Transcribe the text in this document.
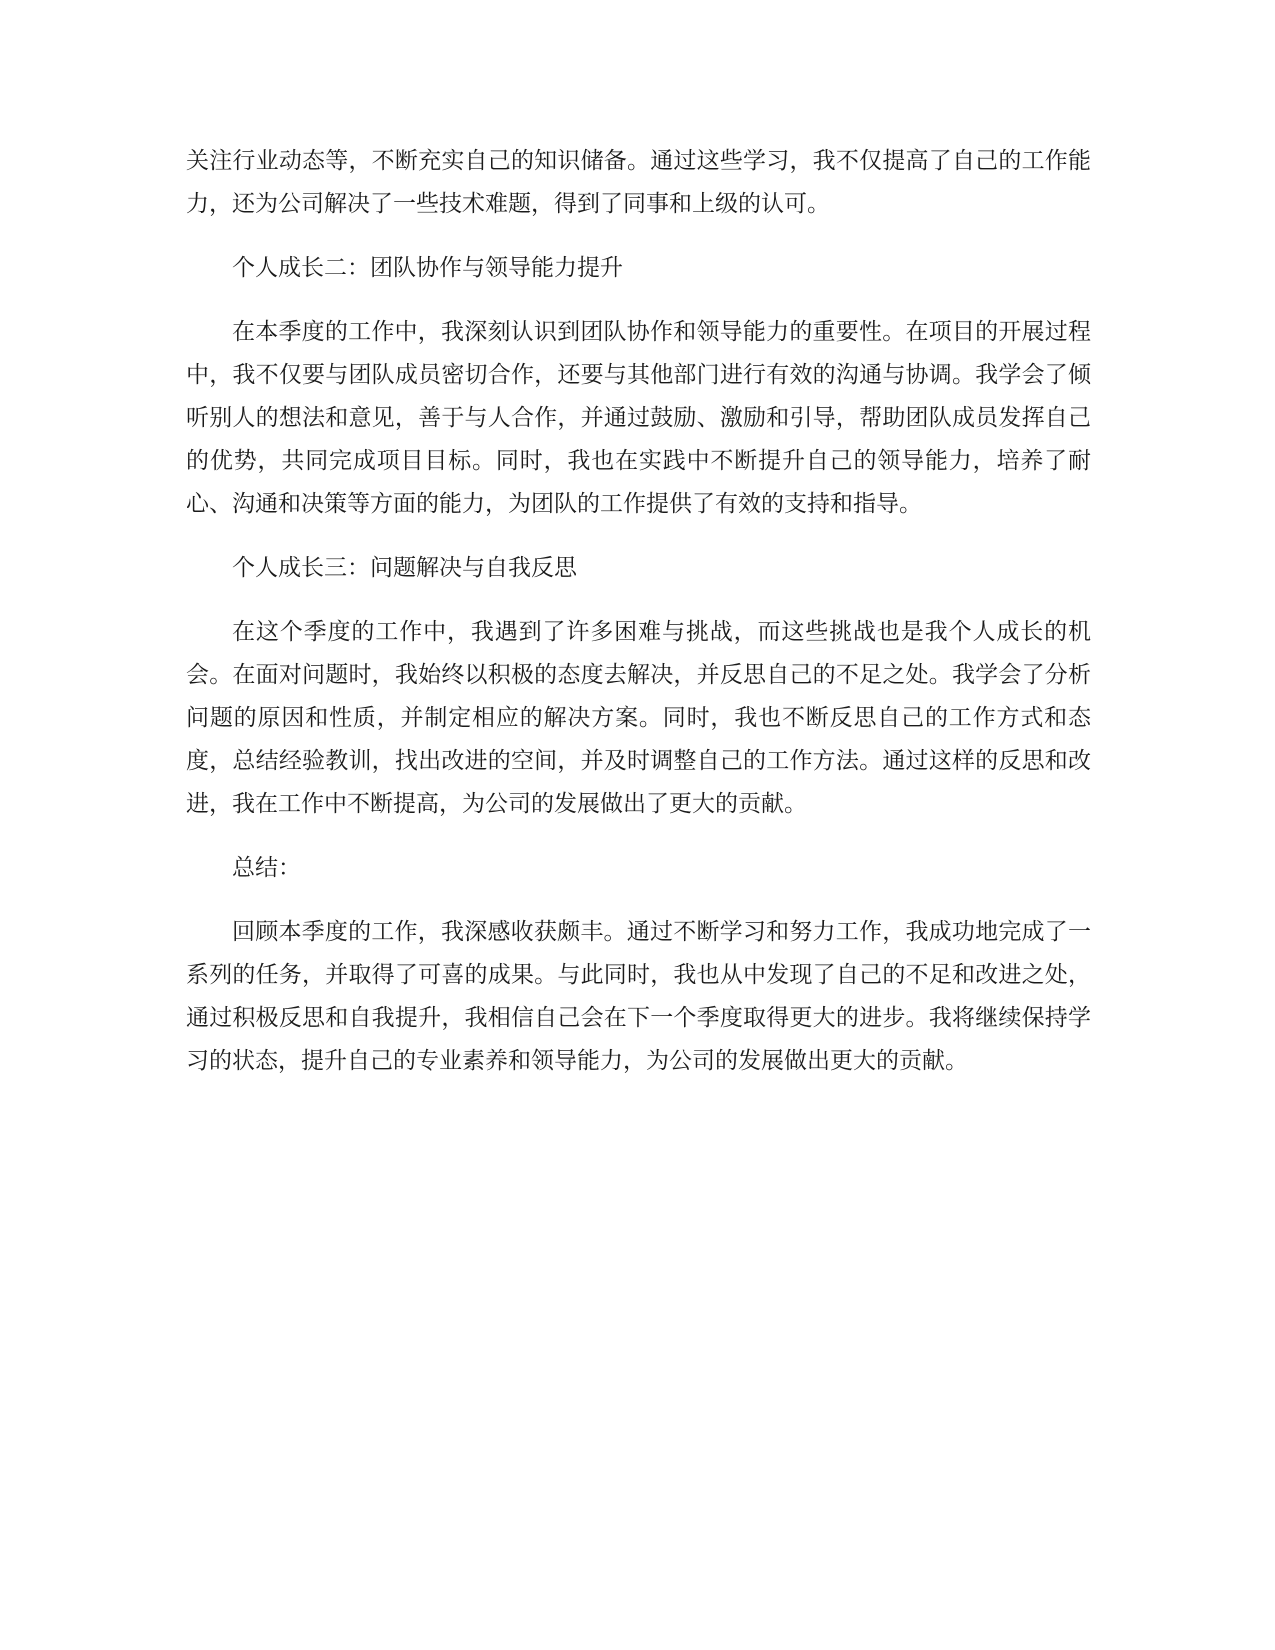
关注行业动态等，不断充实自己的知识储备。通过这些学习，我不仅提高了自己的工作能力，还为公司解决了一些技术难题，得到了同事和上级的认可。

个人成长二：团队协作与领导能力提升

在本季度的工作中，我深刻认识到团队协作和领导能力的重要性。在项目的开展过程中，我不仅要与团队成员密切合作，还要与其他部门进行有效的沟通与协调。我学会了倾听别人的想法和意见，善于与人合作，并通过鼓励、激励和引导，帮助团队成员发挥自己的优势，共同完成项目目标。同时，我也在实践中不断提升自己的领导能力，培养了耐心、沟通和决策等方面的能力，为团队的工作提供了有效的支持和指导。

个人成长三：问题解决与自我反思

在这个季度的工作中，我遇到了许多困难与挑战，而这些挑战也是我个人成长的机会。在面对问题时，我始终以积极的态度去解决，并反思自己的不足之处。我学会了分析问题的原因和性质，并制定相应的解决方案。同时，我也不断反思自己的工作方式和态度，总结经验教训，找出改进的空间，并及时调整自己的工作方法。通过这样的反思和改进，我在工作中不断提高，为公司的发展做出了更大的贡献。

总结：

回顾本季度的工作，我深感收获颇丰。通过不断学习和努力工作，我成功地完成了一系列的任务，并取得了可喜的成果。与此同时，我也从中发现了自己的不足和改进之处，通过积极反思和自我提升，我相信自己会在下一个季度取得更大的进步。我将继续保持学习的状态，提升自己的专业素养和领导能力，为公司的发展做出更大的贡献。
